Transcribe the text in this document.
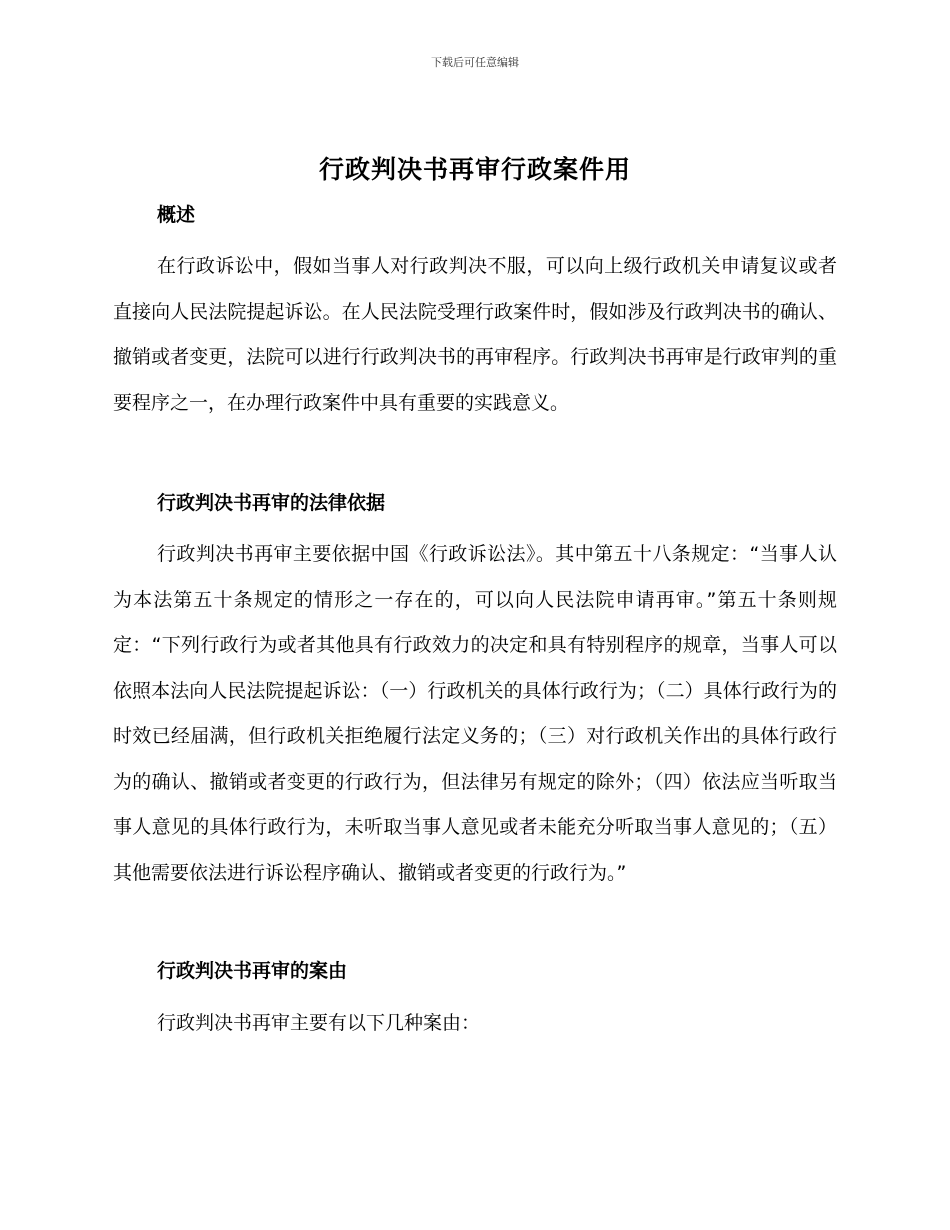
下载后可任意编辑
行政判决书再审行政案件用
概述

在行政诉讼中，假如当事人对行政判决不服，可以向上级行政机关申请复议或者直接向人民法院提起诉讼。在人民法院受理行政案件时，假如涉及行政判决书的确认、撤销或者变更，法院可以进行行政判决书的再审程序。行政判决书再审是行政审判的重要程序之一，在办理行政案件中具有重要的实践意义。

行政判决书再审的法律依据

行政判决书再审主要依据中国《行政诉讼法》。其中第五十八条规定：“当事人认为本法第五十条规定的情形之一存在的，可以向人民法院申请再审。”第五十条则规定：“下列行政行为或者其他具有行政效力的决定和具有特别程序的规章，当事人可以依照本法向人民法院提起诉讼：（一）行政机关的具体行政行为；（二）具体行政行为的时效已经届满，但行政机关拒绝履行法定义务的；（三）对行政机关作出的具体行政行为的确认、撤销或者变更的行政行为，但法律另有规定的除外；（四）依法应当听取当事人意见的具体行政行为，未听取当事人意见或者未能充分听取当事人意见的；（五）其他需要依法进行诉讼程序确认、撤销或者变更的行政行为。”

行政判决书再审的案由

行政判决书再审主要有以下几种案由：
